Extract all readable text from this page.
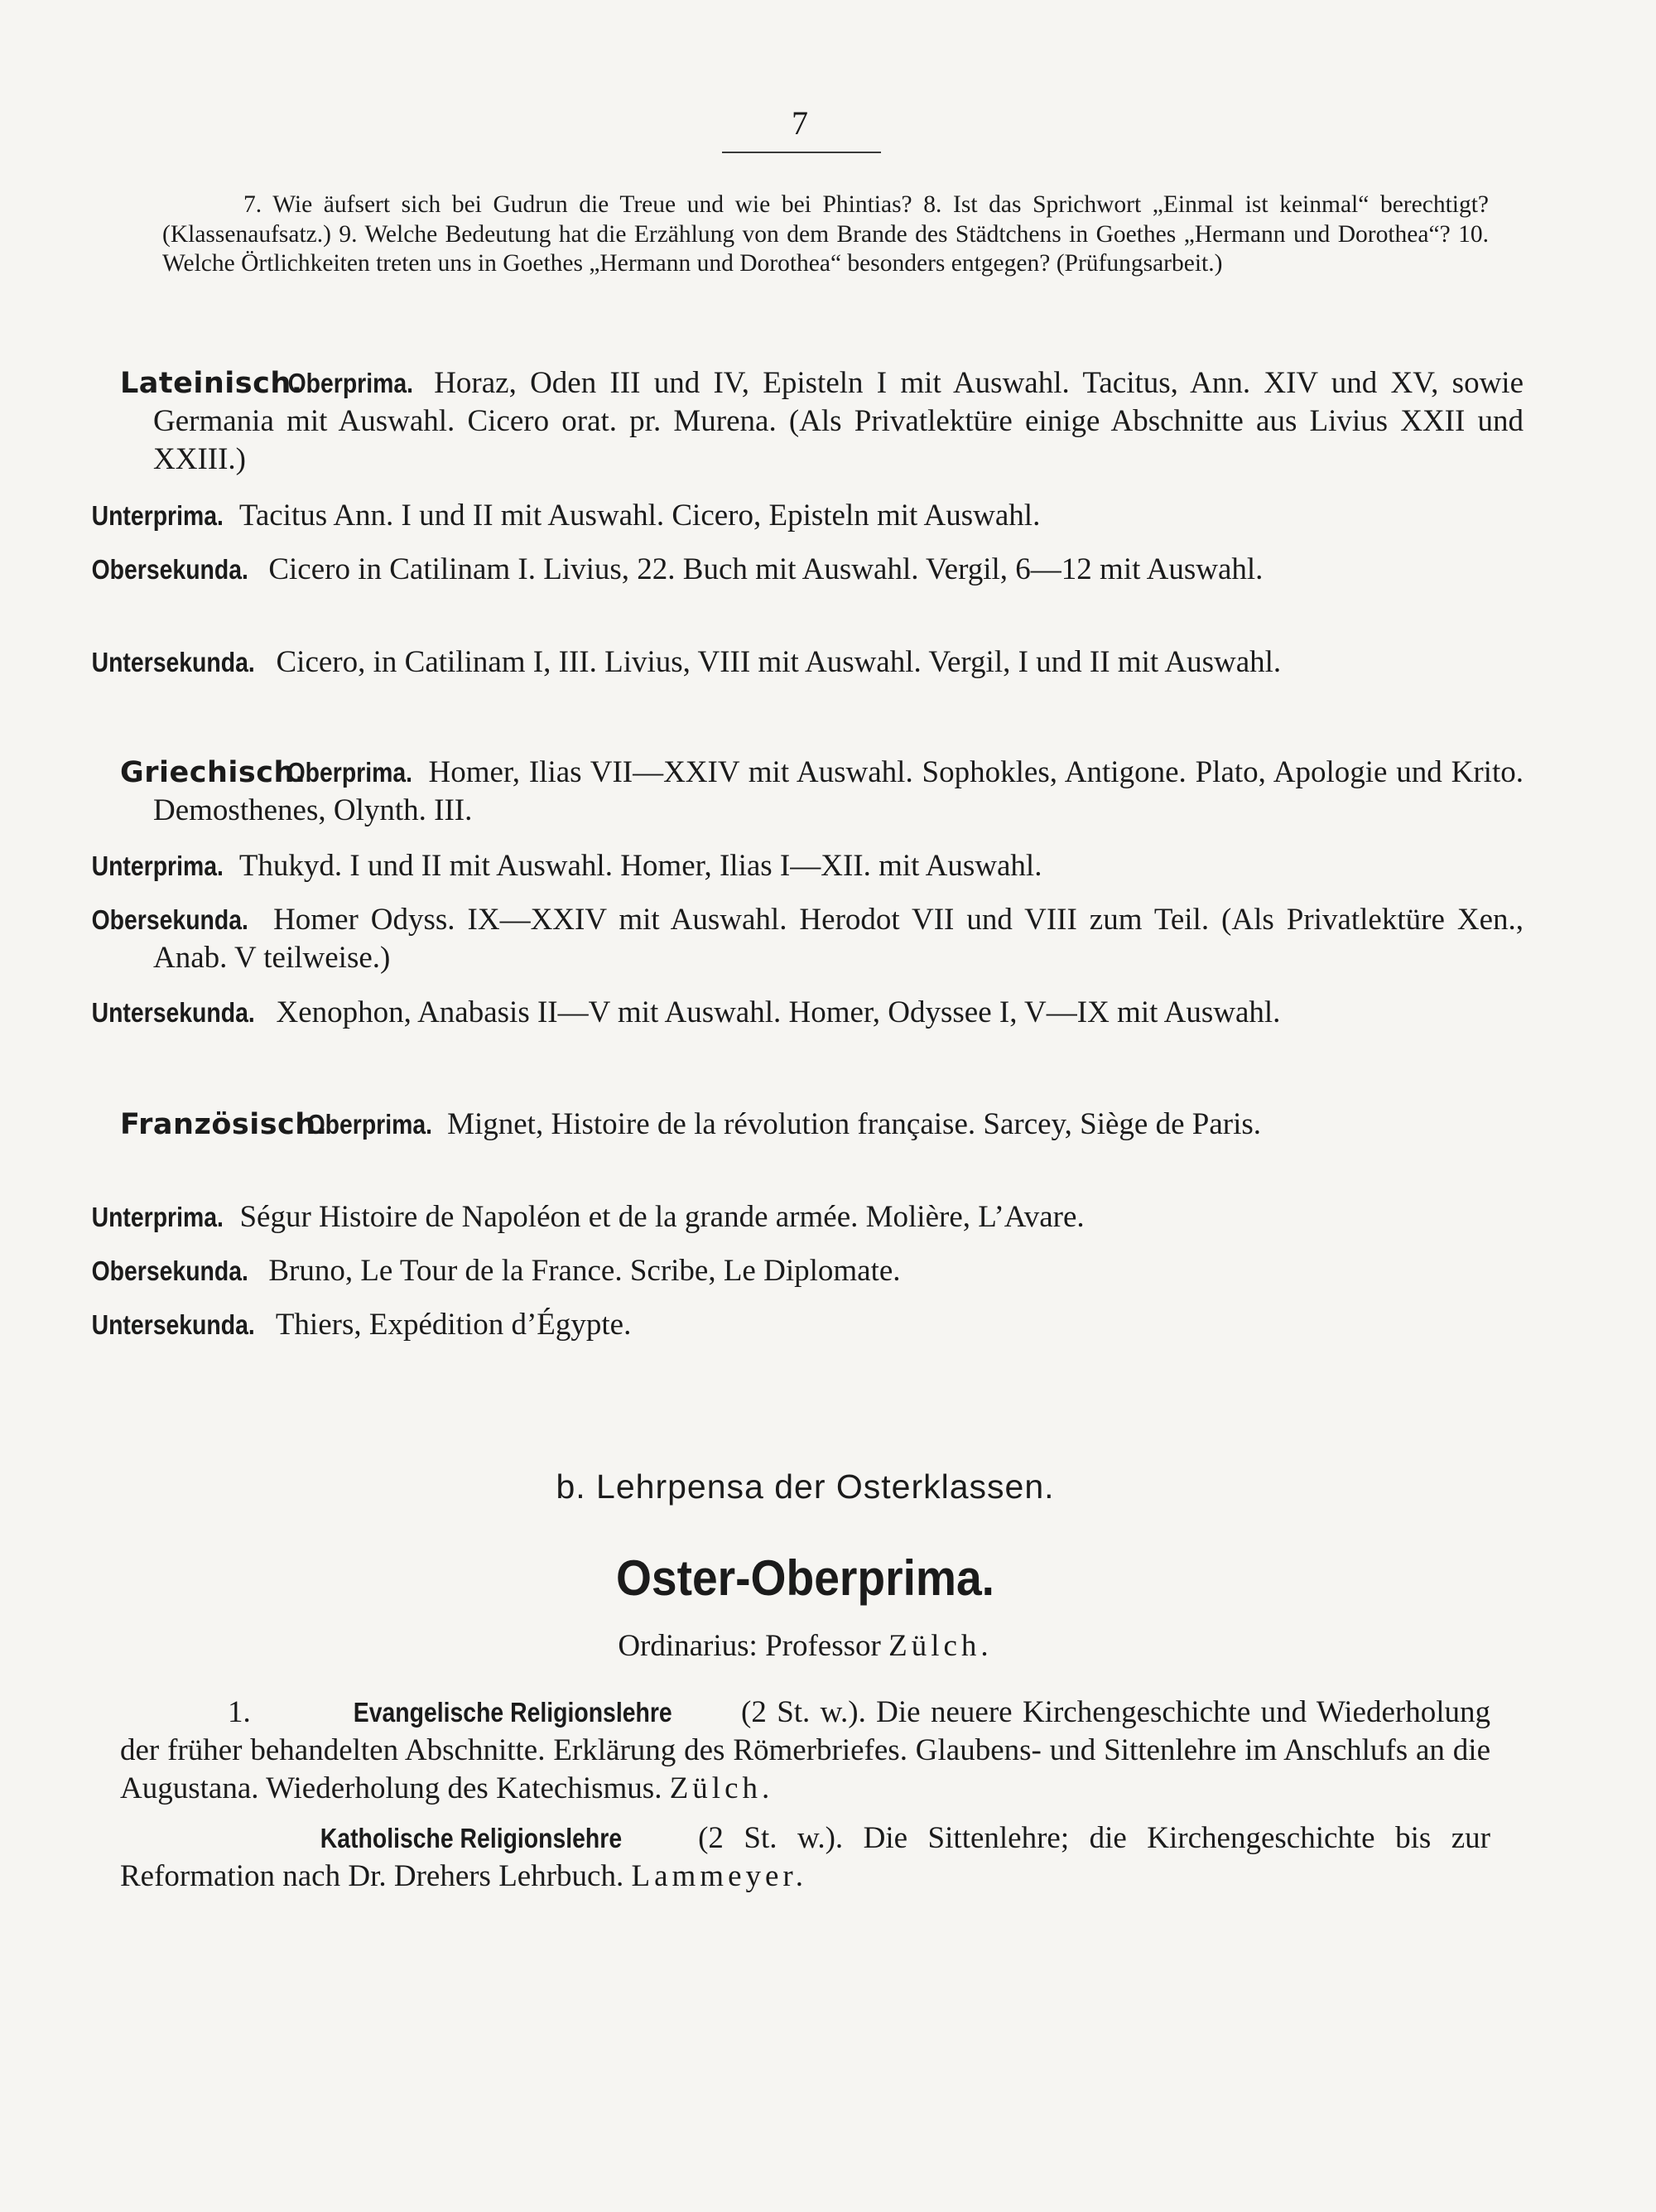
7

7. Wie äufsert sich bei Gudrun die Treue und wie bei Phintias? 8. Ist das Sprichwort „Einmal ist keinmal“ berechtigt? (Klassenaufsatz.) 9. Welche Bedeutung hat die Erzählung von dem Brande des Städtchens in Goethes „Hermann und Dorothea“? 10. Welche Örtlichkeiten treten uns in Goethes „Hermann und Dorothea“ besonders entgegen? (Prüfungsarbeit.)

Lateinisch. Oberprima. Horaz, Oden III und IV, Episteln I mit Auswahl. Tacitus, Ann. XIV und XV, sowie Germania mit Auswahl. Cicero orat. pr. Murena. (Als Privatlektüre einige Abschnitte aus Livius XXII und XXIII.)

Unterprima. Tacitus Ann. I und II mit Auswahl. Cicero, Episteln mit Auswahl.

Obersekunda. Cicero in Catilinam I. Livius, 22. Buch mit Auswahl. Vergil, 6—12 mit Auswahl.

Untersekunda. Cicero, in Catilinam I, III. Livius, VIII mit Auswahl. Vergil, I und II mit Auswahl.

Griechisch. Oberprima. Homer, Ilias VII—XXIV mit Auswahl. Sophokles, Antigone. Plato, Apologie und Krito. Demosthenes, Olynth. III.

Unterprima. Thukyd. I und II mit Auswahl. Homer, Ilias I—XII. mit Auswahl.

Obersekunda. Homer Odyss. IX—XXIV mit Auswahl. Herodot VII und VIII zum Teil. (Als Privatlektüre Xen., Anab. V teilweise.)

Untersekunda. Xenophon, Anabasis II—V mit Auswahl. Homer, Odyssee I, V—IX mit Auswahl.

Französisch. Oberprima. Mignet, Histoire de la révolution française. Sarcey, Siège de Paris.

Unterprima. Ségur Histoire de Napoléon et de la grande armée. Molière, L’Avare.

Obersekunda. Bruno, Le Tour de la France. Scribe, Le Diplomate.

Untersekunda. Thiers, Expédition d’Égypte.

b. Lehrpensa der Osterklassen.
Oster-Oberprima.
Ordinarius: Professor Zülch.

1.	Evangelische Religionslehre (2 St. w.). Die neuere Kirchengeschichte und Wiederholung der früher behandelten Abschnitte. Erklärung des Römerbriefes. Glaubens- und Sittenlehre im Anschlufs an die Augustana. Wiederholung des Katechismus. Zülch.

Katholische Religionslehre (2 St. w.). Die Sittenlehre; die Kirchengeschichte bis zur Reformation nach Dr. Drehers Lehrbuch. Lammeyer.
